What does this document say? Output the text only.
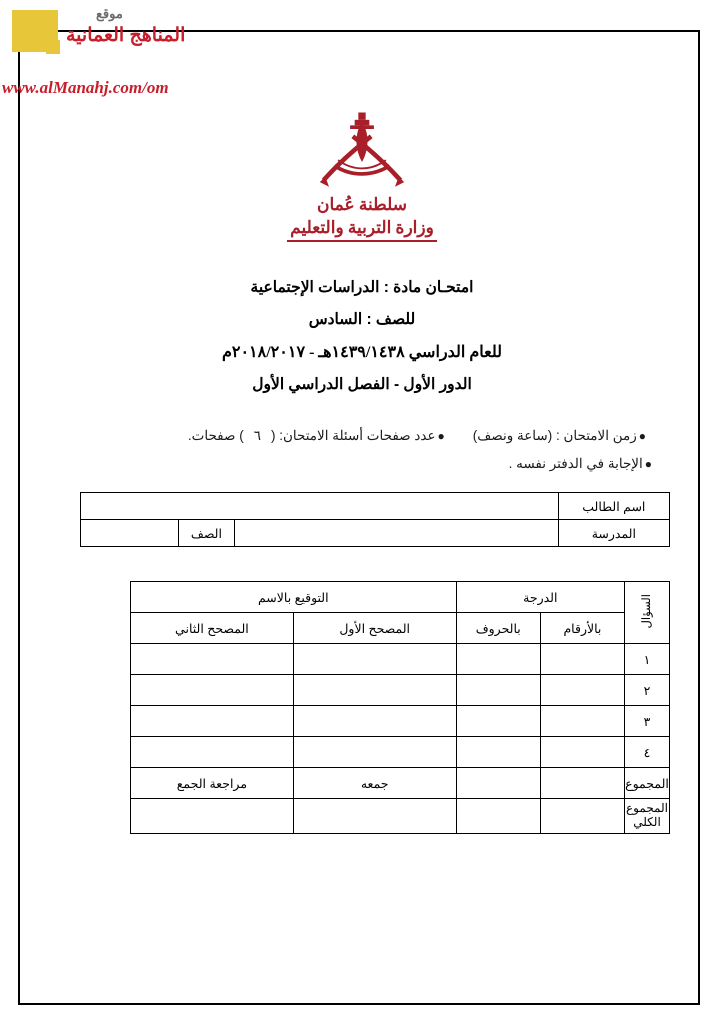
موقع
المناهج العمانية
www.alManahj.com/om
سلطنة عُمان
وزارة التربية والتعليم
امتحـان مادة : الدراسات الإجتماعية
للصف : السادس
للعام الدراسي ١٤٣٩/١٤٣٨هـ - ٢٠١٨/٢٠١٧م
الدور الأول - الفصل الدراسي الأول
●
زمن الامتحان : (ساعة ونصف)
●
عدد صفحات أسئلة الامتحان: (
٦
) صفحات.
●
الإجابة في الدفتر نفسه .
اسم الطالب			
المدرسة		الصف	
السؤال	الدرجة		التوقيع بالاسم	
	بالأرقام	بالحروف	المصحح الأول	المصحح الثاني
١				
٢				
٣				
٤				
المجموع			جمعه	مراجعة الجمع

المجموع
الكلي				
